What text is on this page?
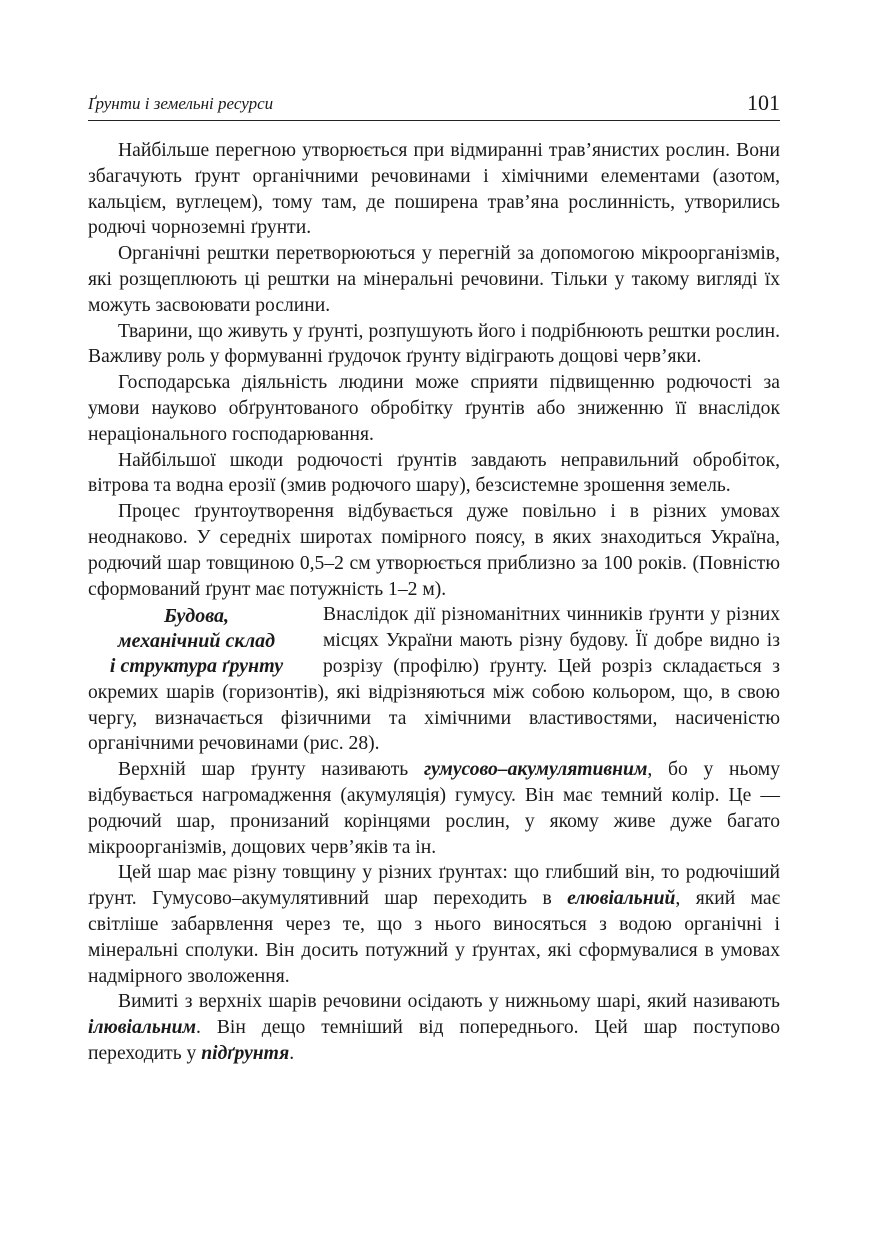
Ґрунти і земельні ресурси	101

Найбільше перегною утворюється при відмиранні трав’янистих рослин. Вони збагачують ґрунт органічними речовинами і хімічними елементами (азотом, кальцієм, вуглецем), тому там, де поширена трав’яна рослинність, утворились родючі чорноземні ґрунти.

Органічні рештки перетворюються у перегній за допомогою мікроорганізмів, які розщеплюють ці рештки на мінеральні речовини. Тільки у такому вигляді їх можуть засвоювати рослини.

Тварини, що живуть у ґрунті, розпушують його і подрібнюють рештки рослин. Важливу роль у формуванні ґрудочок ґрунту відіграють дощові черв’яки.

Господарська діяльність людини може сприяти підвищенню родючості за умови науково обґрунтованого обробітку ґрунтів або зниженню її внаслідок нераціонального господарювання.

Найбільшої шкоди родючості ґрунтів завдають неправильний обробіток, вітрова та водна ерозії (змив родючого шару), безсистемне зрошення земель.

Процес ґрунтоутворення відбувається дуже повільно і в різних умовах неоднаково. У середніх широтах помірного поясу, в яких знаходиться Україна, родючий шар товщиною 0,5–2 см утворюється приблизно за 100 років. (Повністю сформований ґрунт має потужність 1–2 м).

Будова,
механічний склад
і структура ґрунту

Внаслідок дії різноманітних чинників ґрунти у різних місцях України мають різну будову. Її добре видно із розрізу (профілю) ґрунту. Цей розріз складається з окремих шарів (горизонтів), які відрізняються між собою кольором, що, в свою чергу, визначається фізичними та хімічними властивостями, насиченістю органічними речовинами (рис. 28).

Верхній шар ґрунту називають гумусово–акумулятивним, бо у ньому відбувається нагромадження (акумуляція) гумусу. Він має темний колір. Це — родючий шар, пронизаний корінцями рослин, у якому живе дуже багато мікроорганізмів, дощових черв’яків та ін.

Цей шар має різну товщину у різних ґрунтах: що глибший він, то родючіший ґрунт. Гумусово–акумулятивний шар переходить в елювіальний, який має світліше забарвлення через те, що з нього виносяться з водою органічні і мінеральні сполуки. Він досить потужний у ґрунтах, які сформувалися в умовах надмірного зволоження.

Вимиті з верхніх шарів речовини осідають у нижньому шарі, який називають ілювіальним. Він дещо темніший від попереднього. Цей шар поступово переходить у підґрунтя.
